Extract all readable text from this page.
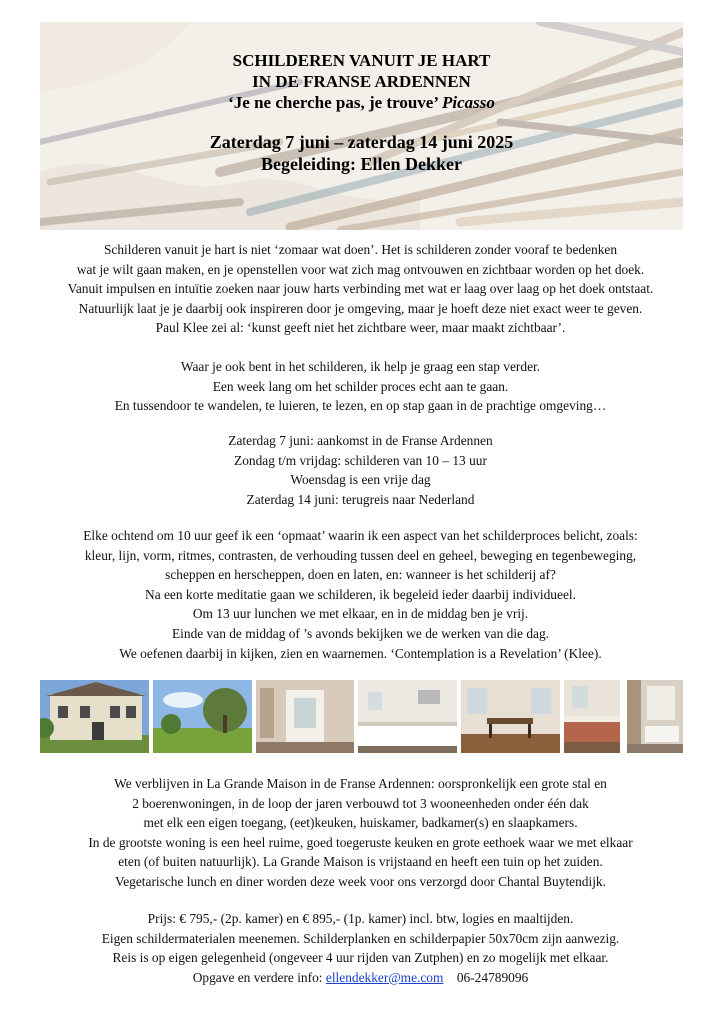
SCHILDEREN VANUIT JE HART
IN DE FRANSE ARDENNEN
‘Je ne cherche pas, je trouve’ Picasso
Zaterdag 7 juni – zaterdag 14 juni 2025
Begeleiding: Ellen Dekker
Schilderen vanuit je hart is niet ‘zomaar wat doen’. Het is schilderen zonder vooraf te bedenken
wat je wilt gaan maken, en je openstellen voor wat zich mag ontvouwen en zichtbaar worden op het doek.
Vanuit impulsen en intuïtie zoeken naar jouw harts verbinding met wat er laag over laag op het doek ontstaat.
Natuurlijk laat je je daarbij ook inspireren door je omgeving, maar je hoeft deze niet exact weer te geven.
Paul Klee zei al: ‘kunst geeft niet het zichtbare weer, maar maakt zichtbaar’.
Waar je ook bent in het schilderen, ik help je graag een stap verder.
Een week lang om het schilder proces echt aan te gaan.
En tussendoor te wandelen, te luieren, te lezen, en op stap gaan in de prachtige omgeving…
Zaterdag 7 juni: aankomst in de Franse Ardennen
Zondag t/m vrijdag: schilderen van 10 – 13 uur
Woensdag is een vrije dag
Zaterdag 14 juni: terugreis naar Nederland
Elke ochtend om 10 uur geef ik een ‘opmaat’ waarin ik een aspect van het schilderproces belicht, zoals:
kleur, lijn, vorm, ritmes, contrasten, de verhouding tussen deel en geheel, beweging en tegenbeweging,
scheppen en herscheppen, doen en laten, en: wanneer is het schilderij af?
Na een korte meditatie gaan we schilderen, ik begeleid ieder daarbij individueel.
Om 13 uur lunchen we met elkaar, en in de middag ben je vrij.
Einde van de middag of ’s avonds bekijken we de werken van die dag.
We oefenen daarbij in kijken, zien en waarnemen. ‘Contemplation is a Revelation’ (Klee).
We verblijven in La Grande Maison in de Franse Ardennen: oorspronkelijk een grote stal en
2 boerenwoningen, in de loop der jaren verbouwd tot 3 wooneenheden onder één dak
met elk een eigen toegang, (eet)keuken, huiskamer, badkamer(s) en slaapkamers.
In de grootste woning is een heel ruime, goed toegeruste keuken en grote eethoek waar we met elkaar
eten (of buiten natuurlijk). La Grande Maison is vrijstaand en heeft een tuin op het zuiden.
Vegetarische lunch en diner worden deze week voor ons verzorgd door Chantal Buytendijk.
Prijs: € 795,- (2p. kamer) en € 895,- (1p. kamer) incl. btw, logies en maaltijden.
Eigen schildermaterialen meenemen. Schilderplanken en schilderpapier 50x70cm zijn aanwezig.
Reis is op eigen gelegenheid (ongeveer 4 uur rijden van Zutphen) en zo mogelijk met elkaar.
Opgave en verdere info: ellendekker@me.com 06-24789096
